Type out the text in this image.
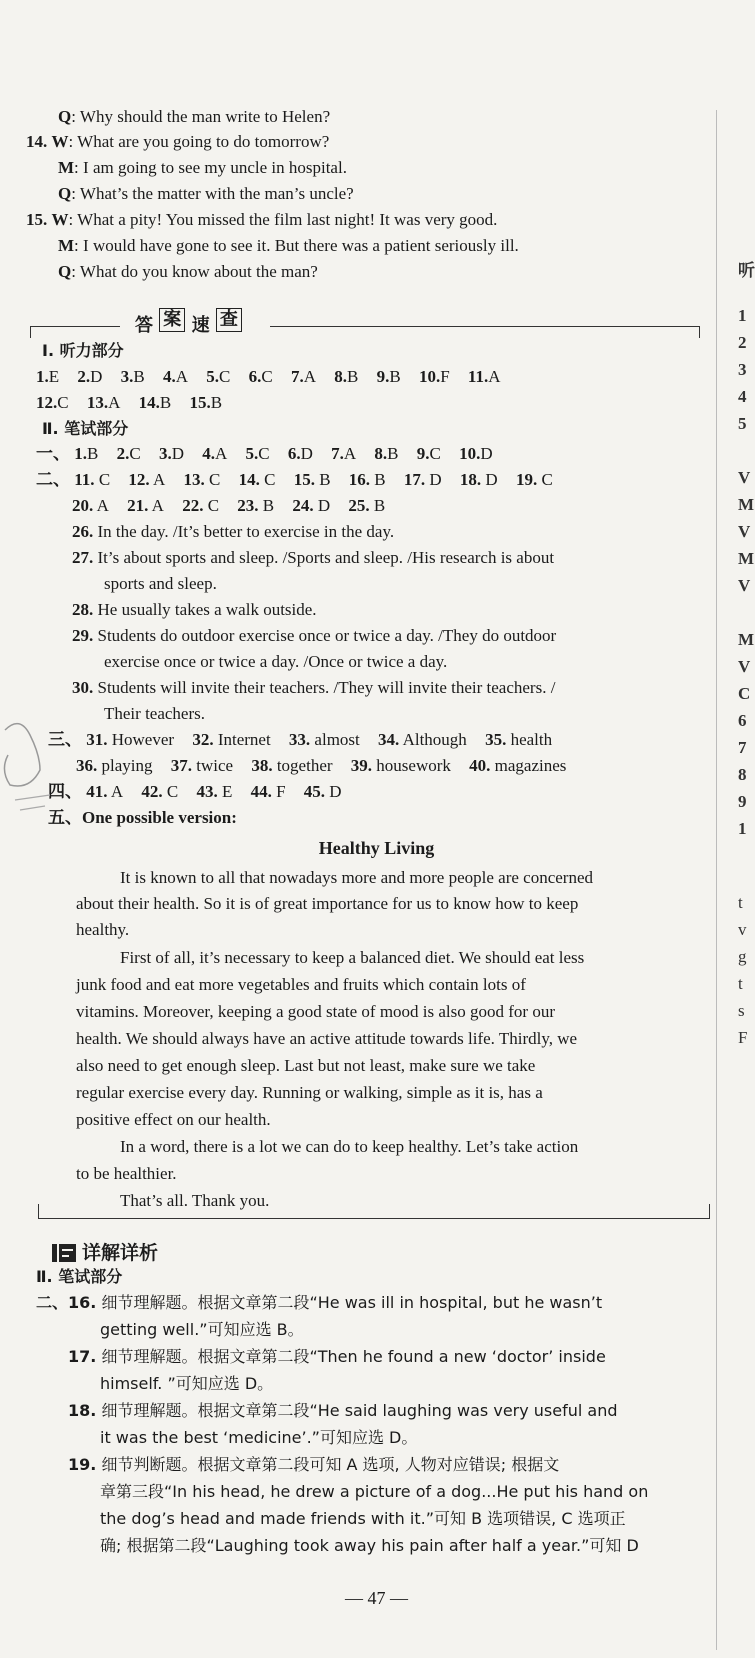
Q: Why should the man write to Helen?
14. W: What are you going to do tomorrow?
M: I am going to see my uncle in hospital.
Q: What’s the matter with the man’s uncle?
15. W: What a pity! You missed the film last night! It was very good.
M: I would have gone to see it. But there was a patient seriously ill.
Q: What do you know about the man?
答 案 速 查
Ⅰ. 听力部分
1.E 2.D 3.B 4.A 5.C 6.C 7.A 8.B 9.B 10.F 11.A
12.C 13.A 14.B 15.B
Ⅱ. 笔试部分
一、 1.B 2.C 3.D 4.A 5.C 6.D 7.A 8.B 9.C 10.D
二、 11. C 12. A 13. C 14. C 15. B 16. B 17. D 18. D 19. C
20. A 21. A 22. C 23. B 24. D 25. B
26. In the day. /It’s better to exercise in the day.
27. It’s about sports and sleep. /Sports and sleep. /His research is about
sports and sleep.
28. He usually takes a walk outside.
29. Students do outdoor exercise once or twice a day. /They do outdoor
exercise once or twice a day. /Once or twice a day.
30. Students will invite their teachers. /They will invite their teachers. /
Their teachers.
三、 31. However 32. Internet 33. almost 34. Although 35. health
36. playing 37. twice 38. together 39. housework 40. magazines
四、 41. A 42. C 43. E 44. F 45. D
五、One possible version:
Healthy Living
It is known to all that nowadays more and more people are concerned
about their health. So it is of great importance for us to know how to keep
healthy.
First of all, it’s necessary to keep a balanced diet. We should eat less
junk food and eat more vegetables and fruits which contain lots of
vitamins. Moreover, keeping a good state of mood is also good for our
health. We should always have an active attitude towards life. Thirdly, we
also need to get enough sleep. Last but not least, make sure we take
regular exercise every day. Running or walking, simple as it is, has a
positive effect on our health.
In a word, there is a lot we can do to keep healthy. Let’s take action
to be healthier.
That’s all. Thank you.
详解详析
Ⅱ. 笔试部分
二、16. 细节理解题。根据文章第二段“He was ill in hospital, but he wasn’t
getting well.”可知应选 B。
17. 细节理解题。根据文章第二段“Then he found a new ‘doctor’ inside
himself. ”可知应选 D。
18. 细节理解题。根据文章第二段“He said laughing was very useful and
it was the best ‘medicine’.”可知应选 D。
19. 细节判断题。根据文章第二段可知 A 选项, 人物对应错误; 根据文
章第三段“In his head, he drew a picture of a dog...He put his hand on
the dog’s head and made friends with it.”可知 B 选项错误, C 选项正
确; 根据第二段“Laughing took away his pain after half a year.”可知 D
— 47 —
听
1
2
3
4
5
V
M
V
M
V
M
V
C
6
7
8
9
1
t
v
g
t
s
F
